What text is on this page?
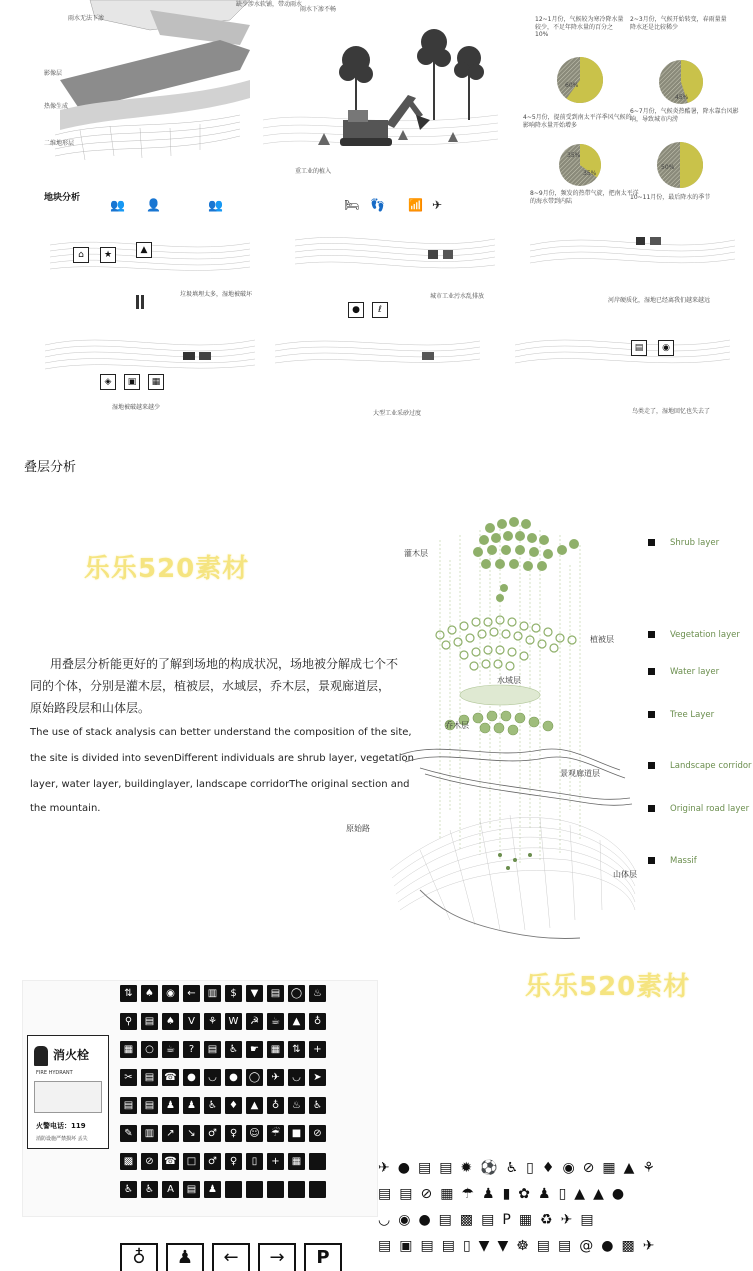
雨水无法下渗
影像层
热像生成
二维地形层
缺少涉水软铺，带动雨水
雨水下渗不畅
重工业的植入
12~1月份，气候较为寒冷降水量较少，不足年降水量的百分之10%
2~3月份，气候开始转变，春雨量量降水还是比较稀少
60%
45%
4~5月份，提前受到南太平洋季风气候的影响降水量开始增多
6~7月份，气候炎热酷暑，降水靠台风影响，导致城市内涝
35%
35%
50%
8~9月份，频发的热带气旋，把南太平洋的海水带到内陆	10~11月份，最后降水的季节
地块分析 👥 👤	👥	🛏 👣 📶 ✈
⌂	★	▲
●	ℓ
◈	▣	▦
▤	◉
垃圾填埋太多，湿地被破坏	城市工业污水乱排放
河岸硬质化，湿地已经离我们越来越远
湿地被破越来越少
大型工业采砂过度	鸟类走了，湿地回忆也失去了
叠层分析
乐乐520素材
用叠层分析能更好的了解到场地的构成状况，场地被分解成七个不同的个体，分别是灌木层，植被层，水域层，乔木层，景观廊道层，原始路段层和山体层。
The use of stack analysis can better understand the composition of the site,
the site is divided into sevenDifferent individuals are shrub layer, vegetation
layer, water layer, buildinglayer, landscape corridorThe original section and
the mountain.
灌木层
植被层
水域层
乔木层
景观廊道层
原始路
山体层
Shrub layer
Vegetation layer
Water layer
Tree Layer
Landscape corridor
Original road layer
Massif
消火栓
FIRE HYDRANT
火警电话：119
消防设施严禁损坏 丢失
⇅	♠	◉	←	▥	$	▼	▤	◯	♨
⚲	▤	♠	V	⚘	W	☭	☕	▲	♁
▦	○	☕	?	▤	♿	☛	▦	⇅	+
✂	▤	☎	●	◡	●	◯	✈	◡	➤
▤	▤	♟	♟	♿	♦	▲	♁	♨	♿
✎	▥	↗	↘	♂	♀	☺	☔	■	⊘
▩	⊘	☎	□	♂	♀	▯	+	▦
♿	♿	A	▤	♟
乐乐520素材
✈ ● ▤ ▤ ✹ ⚽ ♿ ▯ ♦ ◉ ⊘ ▦ ▲ ⚘
▤ ▤ ⊘ ▦ ☂ ♟ ▮ ✿ ♟ ▯ ▲ ▲ ●
◡ ◉ ● ▤ ▩ ▤ P ▦ ♻ ✈ ▤
▤ ▣ ▤ ▤ ▯ ▼ ▼ ☸ ▤ ▤ @ ● ▩ ✈
♁	♟	←	→	P
